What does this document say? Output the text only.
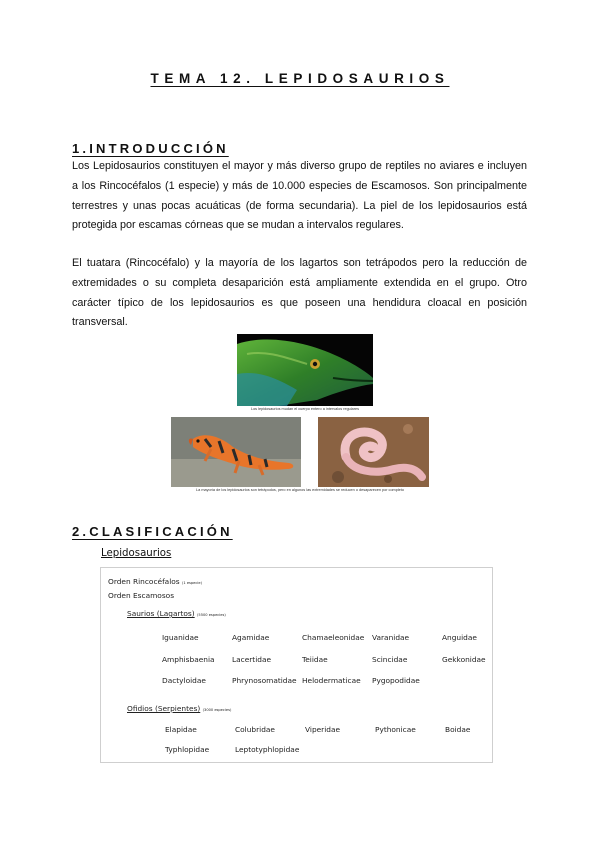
TEMA 12. LEPIDOSAURIOS
1.INTRODUCCIÓN

Los Lepidosaurios constituyen el mayor y más diverso grupo de reptiles no aviares e incluyen a los Rincocéfalos (1 especie) y más de 10.000 especies de Escamosos. Son principalmente terrestres y unas pocas acuáticas (de forma secundaria). La piel de los lepidosaurios está protegida por escamas córneas que se mudan a intervalos regulares.

El tuatara (Rincocéfalo) y la mayoría de los lagartos son tetrápodos pero la reducción de extremidades o su completa desaparición está ampliamente extendida en el grupo. Otro carácter típico de los lepidosaurios es que poseen una hendidura cloacal en posición transversal.

Los lepidosaurios mudan el cuerpo entero a intervalos regulares
La mayoría de los lepidosaurios son tetrápodos, pero en algunos las extremidades se reducen o desaparecen por completo
2.CLASIFICACIÓN
Lepidosaurios
Orden Rincocéfalos (1 especie)
Orden Escamosos
Saurios (Lagartos) (5500 especies)
Iguanidae	Agamidae	Chamaeleonidae Varanidae	Anguidae
Amphisbaenia Lacertidae	Teiidae	Scincidae	Gekkonidae
Dactyloidae	Phrynosomatidae Helodermaticae Pygopodidae
Ofidios (Serpientes) (3000 especies)
Elapidae	Colubridae	Viperidae	Pythonicae	Boidae
Typhlopidae	Leptotyphlopidae
